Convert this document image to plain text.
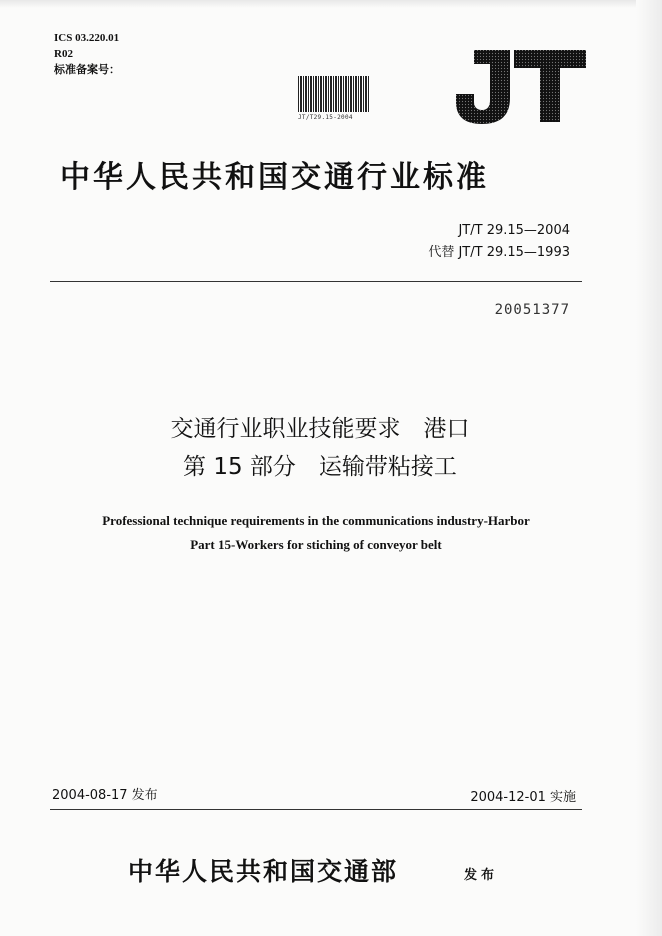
ICS 03.220.01
R02
标准备案号：
JT/T29.15-2004
中华人民共和国交通行业标准
JT/T 29.15—2004
代替 JT/T 29.15—1993
20051377
交通行业职业技能要求　港口
第 15 部分　运输带粘接工
Professional technique requirements in the communications industry-Harbor
Part 15-Workers for stiching of conveyor belt
2004-08-17 发布	2004-12-01 实施
中华人民共和国交通部	发布
